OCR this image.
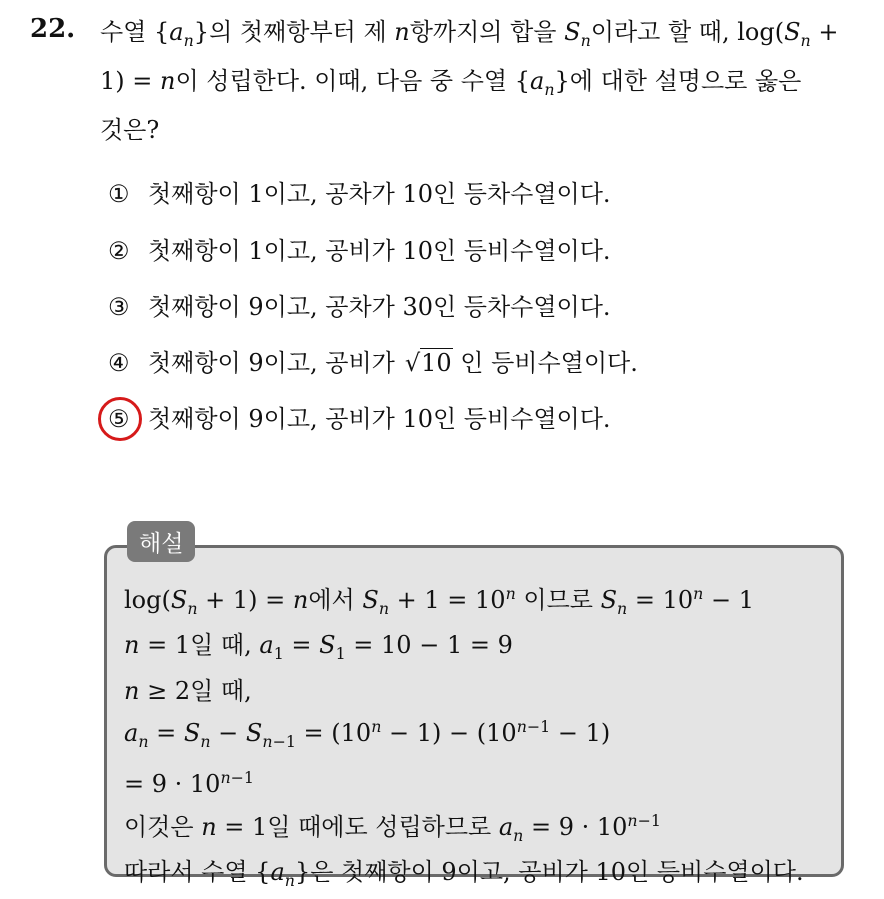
22. 수열 $\{a_n\}$의 첫째항부터 제 n항까지의 합을 $S_n$이라고 할 때, $\log(S_n$ +
1) = n이 성립한다. 이때, 다음 중 수열 $\{a_n\}$에 대한 설명으로 옳은
것은?
① 첫째항이 1이고, 공차가 10인 등차수열이다.
② 첫째항이 1이고, 공비가 10인 등비수열이다.
③ 첫째항이 9이고, 공차가 30인 등차수열이다.
④ 첫째항이 9이고, 공비가 √10 인 등비수열이다.
⑤ 첫째항이 9이고, 공비가 10인 등비수열이다.
해설
$\log(S_n + 1) = n$에서 $S_n + 1 = 10^n$ 이므로 $S_n = 10^n - 1$
n = 1일 때, $a_1 = S_1 = 10 - 1 = 9$
n ≥ 2일 때,
$a_n = S_n - S_{n-1} = (10^n - 1) - (10^{n-1} - 1)$
= $9 \cdot 10^{n-1}$
이것은 n = 1일 때에도 성립하므로 $a_n = 9 \cdot 10^{n-1}$
따라서 수열 $\{a_n\}$은 첫째항이 9이고, 공비가 10인 등비수열이다.
